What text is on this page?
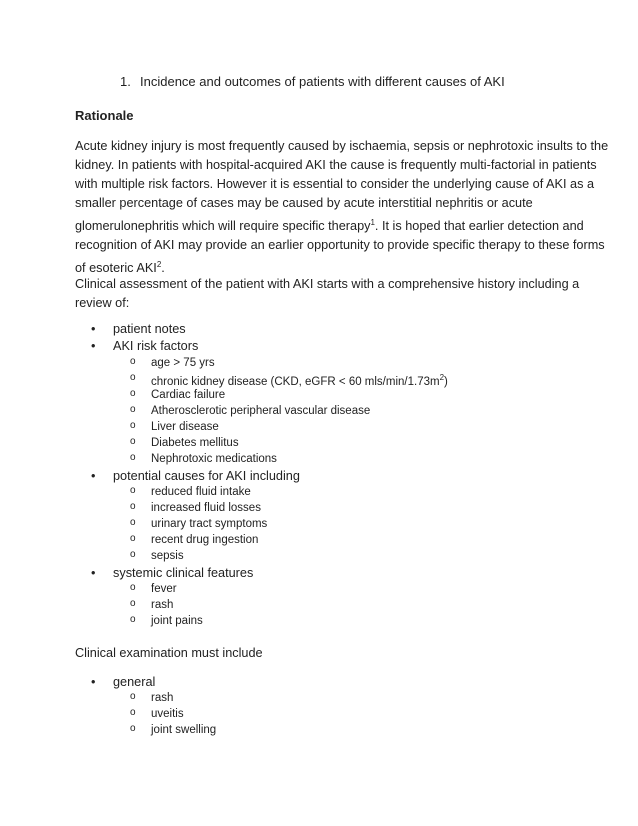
1. Incidence and outcomes of patients with different causes of AKI
Rationale
Acute kidney injury is most frequently caused by ischaemia, sepsis or nephrotoxic insults to the
kidney. In patients with hospital-acquired AKI the cause is frequently multi-factorial in patients
with multiple risk factors. However it is essential to consider the underlying cause of AKI as a
smaller percentage of cases may be caused by acute interstitial nephritis or acute
glomerulonephritis which will require specific therapy$^1$. It is hoped that earlier detection and
recognition of AKI may provide an earlier opportunity to provide specific therapy to these forms
of esoteric AKI$^2$.
Clinical assessment of the patient with AKI starts with a comprehensive history including a
review of:
• patient notes
• AKI risk factors
o age > 75 yrs
o chronic kidney disease (CKD, eGFR < 60 mls/$\min/1.73m^2$)
o Cardiac failure
o Atherosclerotic peripheral vascular disease
o Liver disease
o Diabetes mellitus
o Nephrotoxic medications
• potential causes for AKI including
o reduced fluid intake
o increased fluid losses
o urinary tract symptoms
o recent drug ingestion
o sepsis
• systemic clinical features
o fever
o rash
o joint pains
Clinical examination must include
• general
o rash
o uveitis
o joint swelling
